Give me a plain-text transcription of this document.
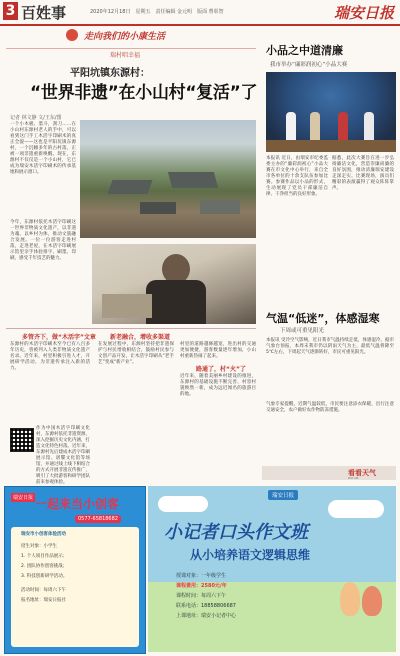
3 百姓事	2020年12月18日 星期五 责任编辑 金元明 版面 曹彰智	瑞安日报
走向我们的小康生活
瑞村唱幸福
平阳坑镇东源村：
“世界非遗”在小山村“复活”了
记者 林文静 文/王东/图
一个小木板、墨斗，刮刀……在小山村东源村老人的手中，可以看到这门手工木活字印刷术的真正全貌——这也是平阳坑镇东源村，一个沉睡多年的古村落，正被一项非遗重新唤醒。现在，东源村不仅仅是一个小山村，它已成为瑞安木活字印刷术的传承基地和展示窗口。
今年，东源村依托木活字印刷这一世界非物质文化遗产，以非遗为魂、以乡村为体，推动文旅融合发展。一位一位游客走进村落，走进老屋，在木活字印刷展示馆里亲手体验排字、刷墨、印刷，感受千年技艺的魅力。
多管齐下，做“木活字”文章 新老融合，增收多渠道
路通了，村“火”了
东源村的木活字印刷术至今已有八百多年历史，曾被列入人类非物质文化遗产名录。近年来，村里积极引进人才，开展研学活动，为非遗传承注入新的活力。
作为中国木活字印刷文化村，东源村依托非遗资源，深入挖掘历史文化内涵，打造文化特色村落。近年来，东源村先后建成木活字印刷展示馆、谱牒文化馆等场馆，并通过线上线下相结合的方式开展非遗宣传推广，吸引了大批游客和研学团队前来参观体验。
在发展过程中，东源村坚持把非遗保护与村民增收相结合，鼓励村民参与文创产品开发，让木活字印刷从“老手艺”变成“新产业”。
村里的道路越修越宽，进出村的交通更加便捷，游客数量逐年增加，小山村重新热闹了起来。
近年来，随着美丽乡村建设的推进，东源村的基础设施不断完善，村容村貌焕然一新，成为远近闻名的旅游目的地。
小品之中道清廉
我市举办“廉彩润初心”小品大赛
本报讯 近日，由瑞安市纪委监委主办的“廉彩润初心”小品大赛在市文化中心举行，来自全市各单位的十余支队伍参加比赛。参赛作品以小品的形式，生动展现了党员干部廉洁自律、干净担当的良好形象。
据悉，此次大赛旨在进一步弘扬廉洁文化，营造崇廉尚廉的良好氛围，推动清廉瑞安建设走深走实。比赛现场，演员们精彩的表演赢得了观众阵阵掌声。
气温“低迷”，体感湿寒
下周或可重见阳光
本报讯 受冷空气影响，近日我市气温持续走低，体感湿冷。据市气象台预报，本周末我市仍以阴雨天气为主，最低气温将降至5℃左右，下周起天气逐渐转好，市民可重见阳光。
气象专家提醒，近期气温较低，市民要注意添衣保暖，出行注意交通安全，农户做好农作物防冻措施。
看看天气
RUI AN
瑞安日报 一起来当小创客
0577-65818682
瑞安市小创客体验活动
招生对象：小学生
1. 个人项目作品展示；
2. 团队协作创客挑战；
3. 科技创新研学活动。
活动时间：每周六下午
报名地址：瑞安日报社
瑞安日报
小记者口头作文班
从小培养语文逻辑思维
授课对象：一年级学生
课程费用：2580元/年
课程时间：每周六下午
联系电话：18858806687
上课地址：瑞安小记者中心
